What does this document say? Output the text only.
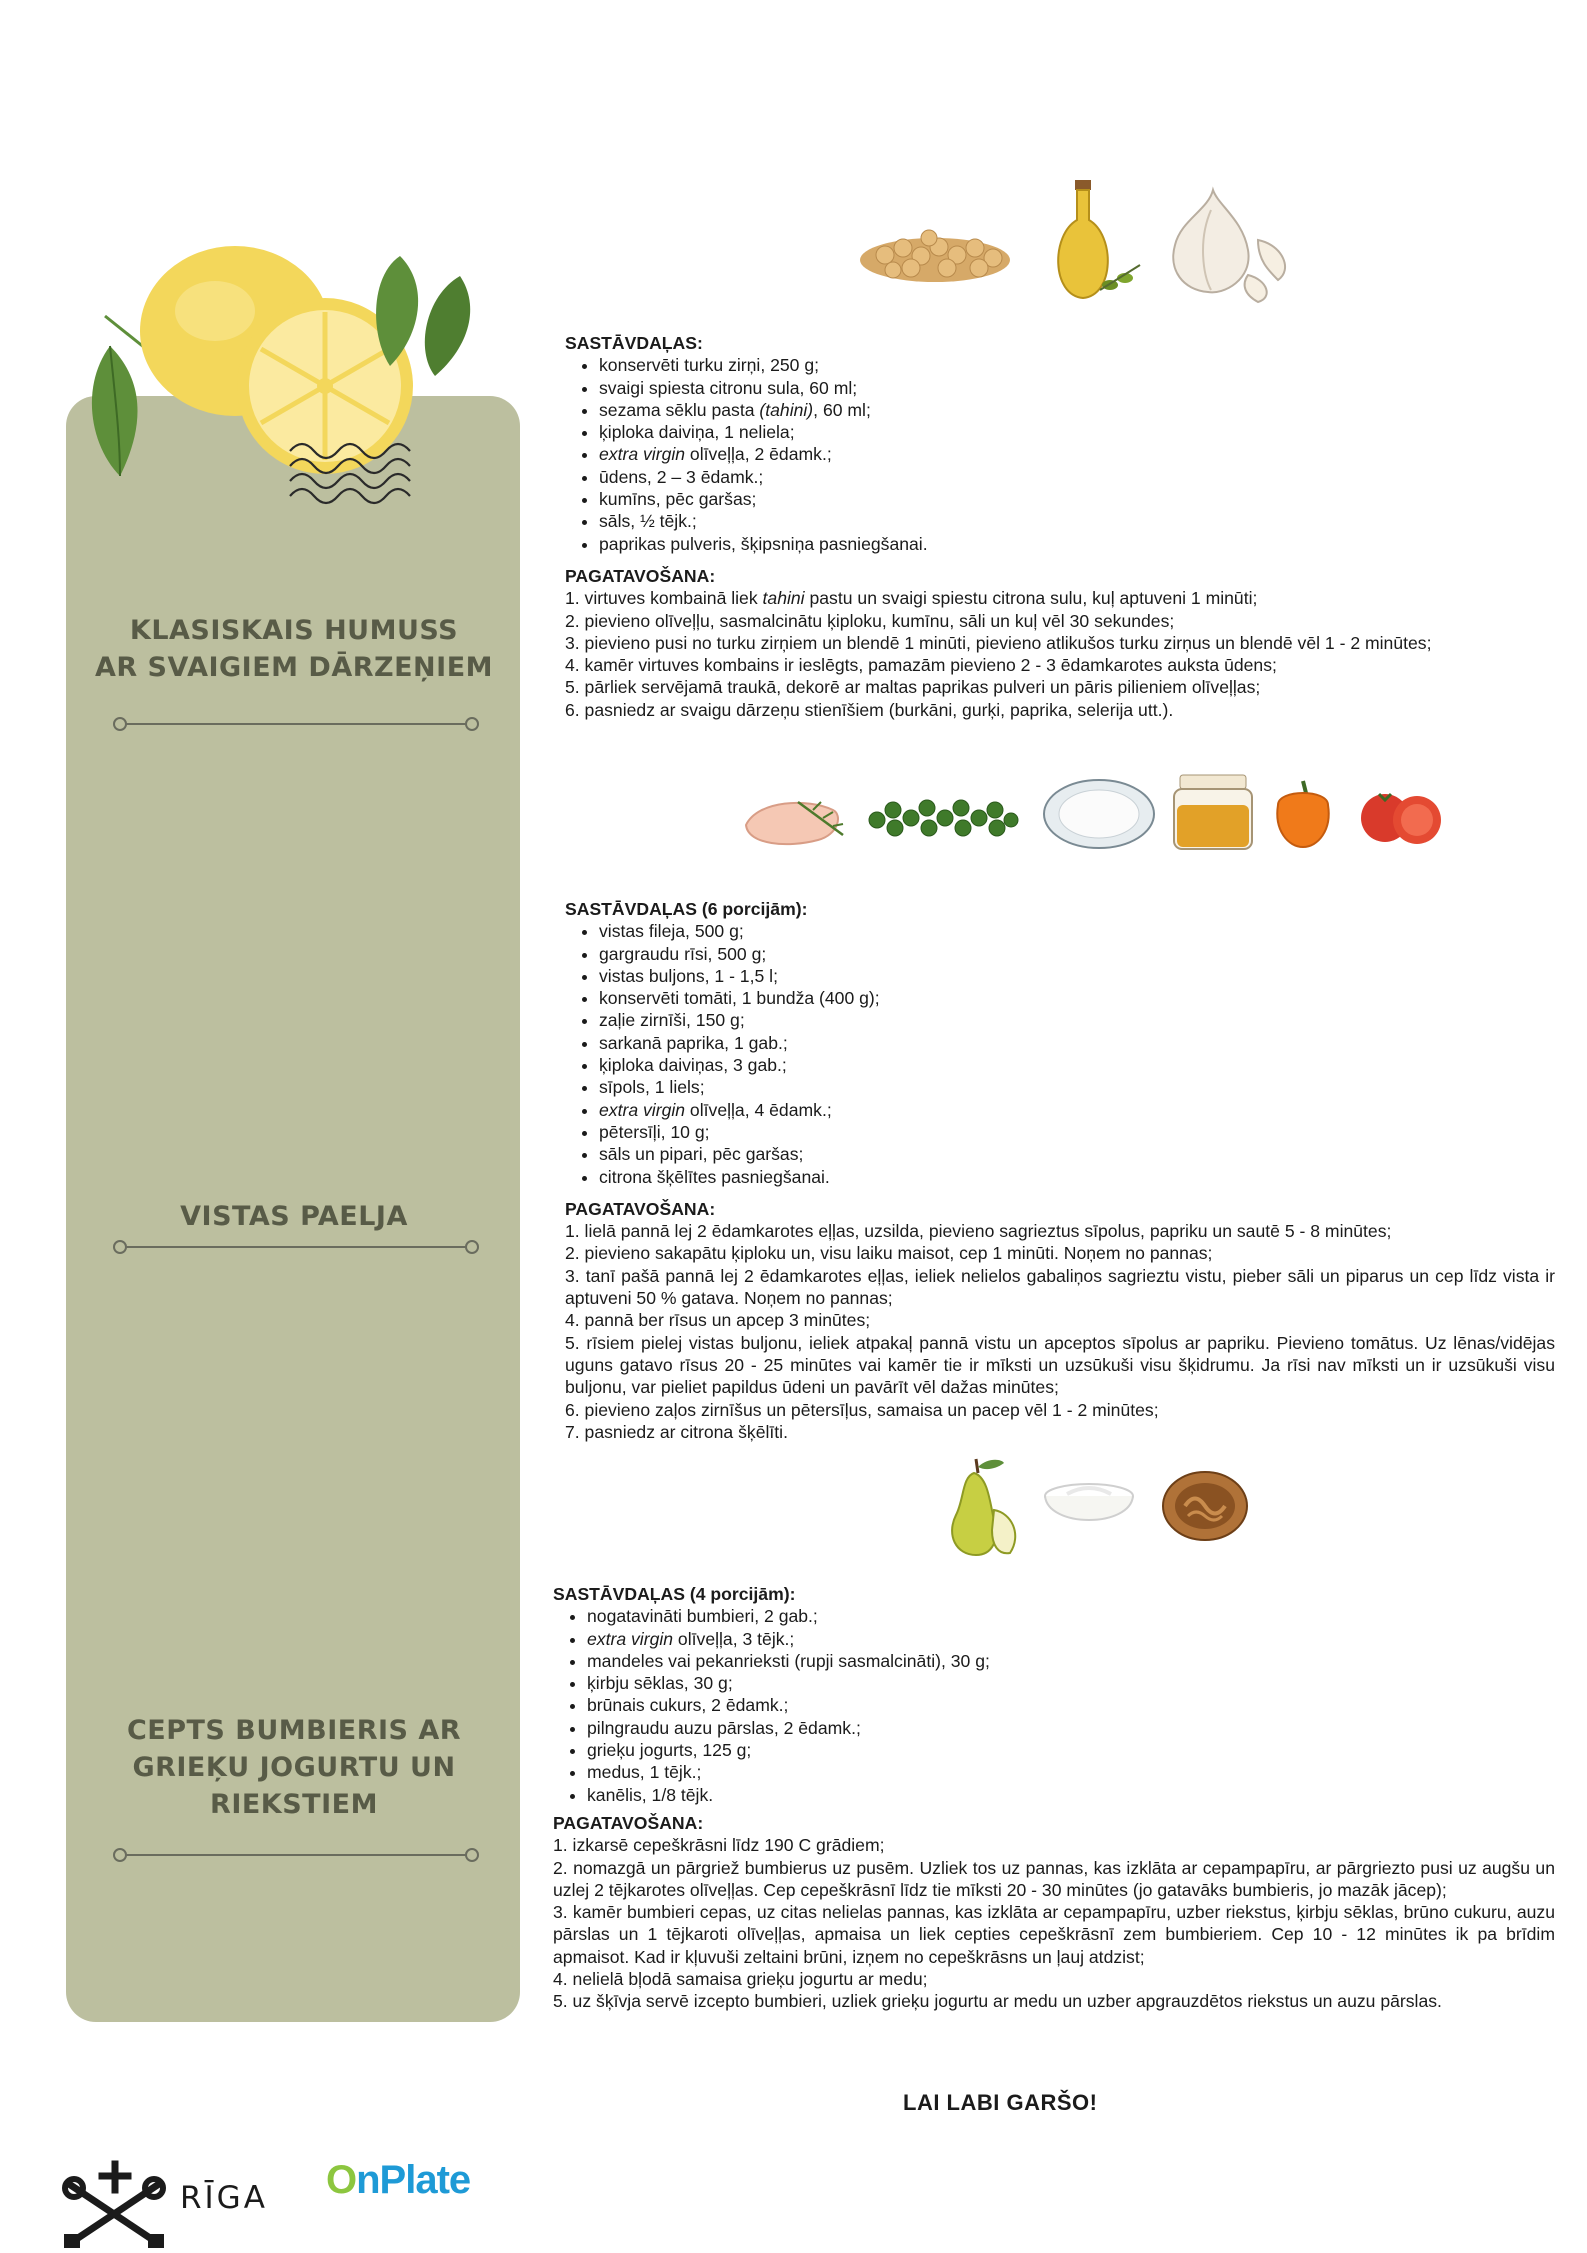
KLASISKAIS HUMUSS
AR SVAIGIEM DĀRZEŅIEM
VISTAS PAELJA
CEPTS BUMBIERIS AR
GRIEĶU JOGURTU UN
RIEKSTIEM
SASTĀVDAĻAS:
• konservēti turku zirņi, 250 g;
• svaigi spiesta citronu sula, 60 ml;
• sezama sēklu pasta (tahini), 60 ml;
• ķiploka daiviņa, 1 neliela;
• extra virgin olīveļļa, 2 ēdamk.;
• ūdens, 2 – 3 ēdamk.;
• kumīns, pēc garšas;
• sāls, ½ tējk.;
• paprikas pulveris, šķipsniņa pasniegšanai.
PAGATAVOŠANA:
1. virtuves kombainā liek tahini pastu un svaigi spiestu citrona sulu, kuļ aptuveni 1 minūti;
2. pievieno olīveļļu, sasmalcinātu ķiploku, kumīnu, sāli un kuļ vēl 30 sekundes;
3. pievieno pusi no turku zirņiem un blendē 1 minūti, pievieno atlikušos turku zirņus un blendē vēl 1 - 2 minūtes;
4. kamēr virtuves kombains ir ieslēgts, pamazām pievieno 2 - 3 ēdamkarotes auksta ūdens;
5. pārliek servējamā traukā, dekorē ar maltas paprikas pulveri un pāris pilieniem olīveļļas;
6. pasniedz ar svaigu dārzeņu stienīšiem (burkāni, gurķi, paprika, selerija utt.).
SASTĀVDAĻAS (6 porcijām):
• vistas fileja, 500 g;
• gargraudu rīsi, 500 g;
• vistas buljons, 1 - 1,5 l;
• konservēti tomāti, 1 bundža (400 g);
• zaļie zirnīši, 150 g;
• sarkanā paprika, 1 gab.;
• ķiploka daiviņas, 3 gab.;
• sīpols, 1 liels;
• extra virgin olīveļļa, 4 ēdamk.;
• pētersīļi, 10 g;
• sāls un pipari, pēc garšas;
• citrona šķēlītes pasniegšanai.
PAGATAVOŠANA:
1. lielā pannā lej 2 ēdamkarotes eļļas, uzsilda, pievieno sagrieztus sīpolus, papriku un sautē 5 - 8 minūtes;
2. pievieno sakapātu ķiploku un, visu laiku maisot, cep 1 minūti. Noņem no pannas;
3. tanī pašā pannā lej 2 ēdamkarotes eļļas, ieliek nelielos gabaliņos sagrieztu vistu, pieber sāli un piparus un cep līdz vista ir aptuveni 50 % gatava. Noņem no pannas;
4. pannā ber rīsus un apcep 3 minūtes;
5. rīsiem pielej vistas buljonu, ieliek atpakaļ pannā vistu un apceptos sīpolus ar papriku. Pievieno tomātus. Uz lēnas/vidējas uguns gatavo rīsus 20 - 25 minūtes vai kamēr tie ir mīksti un uzsūkuši visu šķidrumu. Ja rīsi nav mīksti un ir uzsūkuši visu buljonu, var pieliet papildus ūdeni un pavārīt vēl dažas minūtes;
6. pievieno zaļos zirnīšus un pētersīļus, samaisa un pacep vēl 1 - 2 minūtes;
7. pasniedz ar citrona šķēlīti.
SASTĀVDAĻAS (4 porcijām):
• nogatavināti bumbieri, 2 gab.;
• extra virgin olīveļļa, 3 tējk.;
• mandeles vai pekanrieksti (rupji sasmalcināti), 30 g;
• ķirbju sēklas, 30 g;
• brūnais cukurs, 2 ēdamk.;
• pilngraudu auzu pārslas, 2 ēdamk.;
• grieķu jogurts, 125 g;
• medus, 1 tējk.;
• kanēlis, 1/8 tējk.
PAGATAVOŠANA:
1. izkarsē cepeškrāsni līdz 190 C grādiem;
2. nomazgā un pārgriež bumbierus uz pusēm. Uzliek tos uz pannas, kas izklāta ar cepampapīru, ar pārgriezto pusi uz augšu un uzlej 2 tējkarotes olīveļļas. Cep cepeškrāsnī līdz tie mīksti 20 - 30 minūtes (jo gatavāks bumbieris, jo mazāk jācep);
3. kamēr bumbieri cepas, uz citas nelielas pannas, kas izklāta ar cepampapīru, uzber riekstus, ķirbju sēklas, brūno cukuru, auzu pārslas un 1 tējkaroti olīveļļas, apmaisa un liek cepties cepeškrāsnī zem bumbieriem. Cep 10 - 12 minūtes ik pa brīdim apmaisot. Kad ir kļuvuši zeltaini brūni, izņem no cepeškrāsns un ļauj atdzist;
4. nelielā bļodā samaisa grieķu jogurtu ar medu;
5. uz šķīvja servē izcepto bumbieri, uzliek grieķu jogurtu ar medu un uzber apgrauzdētos riekstus un auzu pārslas.
LAI LABI GARŠO!
RĪGA OnPlate
